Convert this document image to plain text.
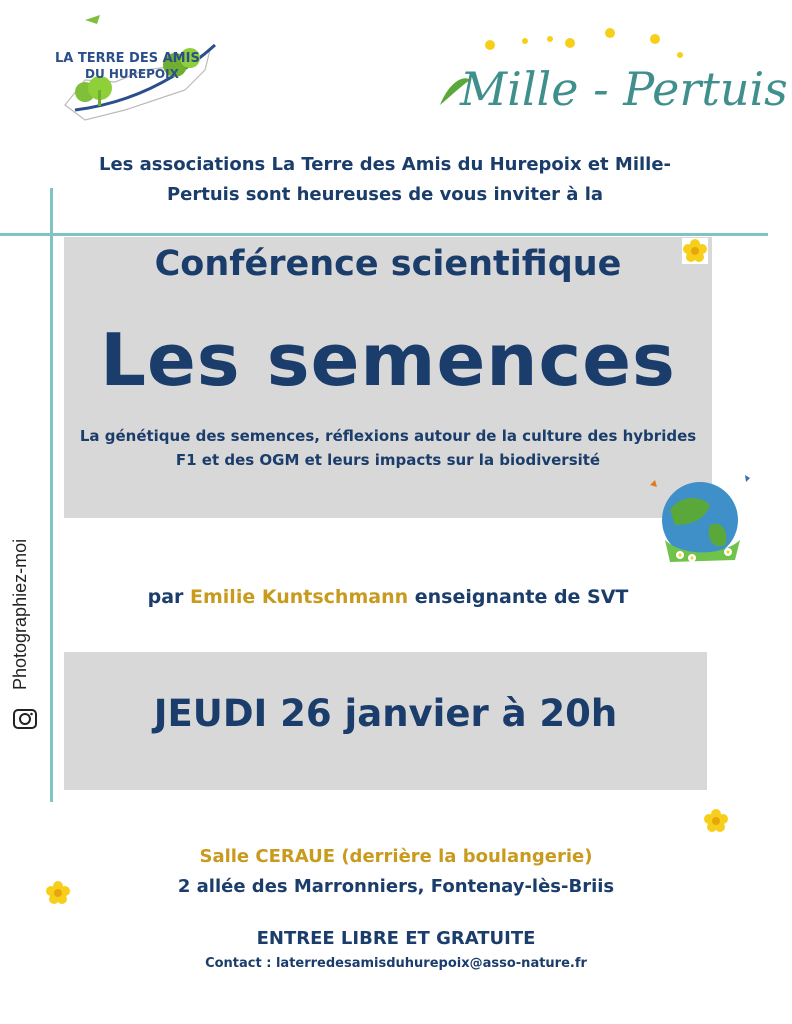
LA TERRE DES AMIS
DU HUREPOIX	Mille - Pertuis
Les associations La Terre des Amis du Hurepoix et Mille-
Pertuis sont heureuses de vous inviter à la
Conférence scientifique
Les semences
La génétique des semences, réflexions autour de la culture des hybrides
F1 et des OGM et leurs impacts sur la biodiversité
par Emilie Kuntschmann enseignante de SVT
JEUDI 26 janvier à 20h
Photographiez-moi
Salle CERAUE (derrière la boulangerie)
2 allée des Marronniers, Fontenay-lès-Briis
ENTREE LIBRE ET GRATUITE
Contact : laterredesamisduhurepoix@asso-nature.fr
